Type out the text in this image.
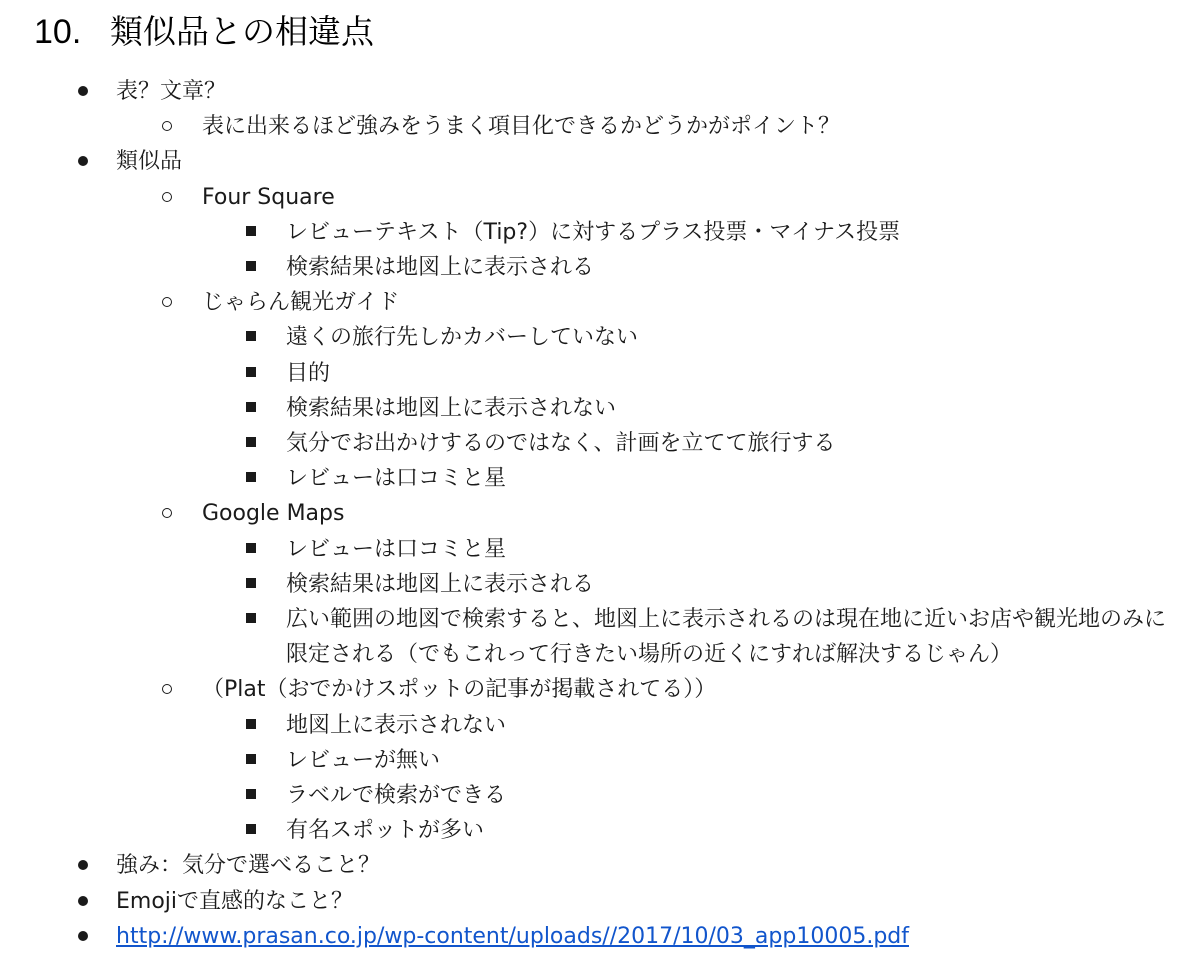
10. 類似品との相違点
表？文章？
表に出来るほど強みをうまく項目化できるかどうかがポイント？
類似品
Four Square
レビューテキスト（Tip?）に対するプラス投票・マイナス投票
検索結果は地図上に表示される
じゃらん観光ガイド
遠くの旅行先しかカバーしていない
目的
検索結果は地図上に表示されない
気分でお出かけするのではなく、計画を立てて旅行する
レビューは口コミと星
Google Maps
レビューは口コミと星
検索結果は地図上に表示される
広い範囲の地図で検索すると、地図上に表示されるのは現在地に近いお店や観光地のみに限定される（でもこれって行きたい場所の近くにすれば解決するじゃん）
（Plat（おでかけスポットの記事が掲載されてる））
地図上に表示されない
レビューが無い
ラベルで検索ができる
有名スポットが多い
強み：気分で選べること？
Emojiで直感的なこと？
http://www.prasan.co.jp/wp-content/uploads//2017/10/03_app10005.pdf
